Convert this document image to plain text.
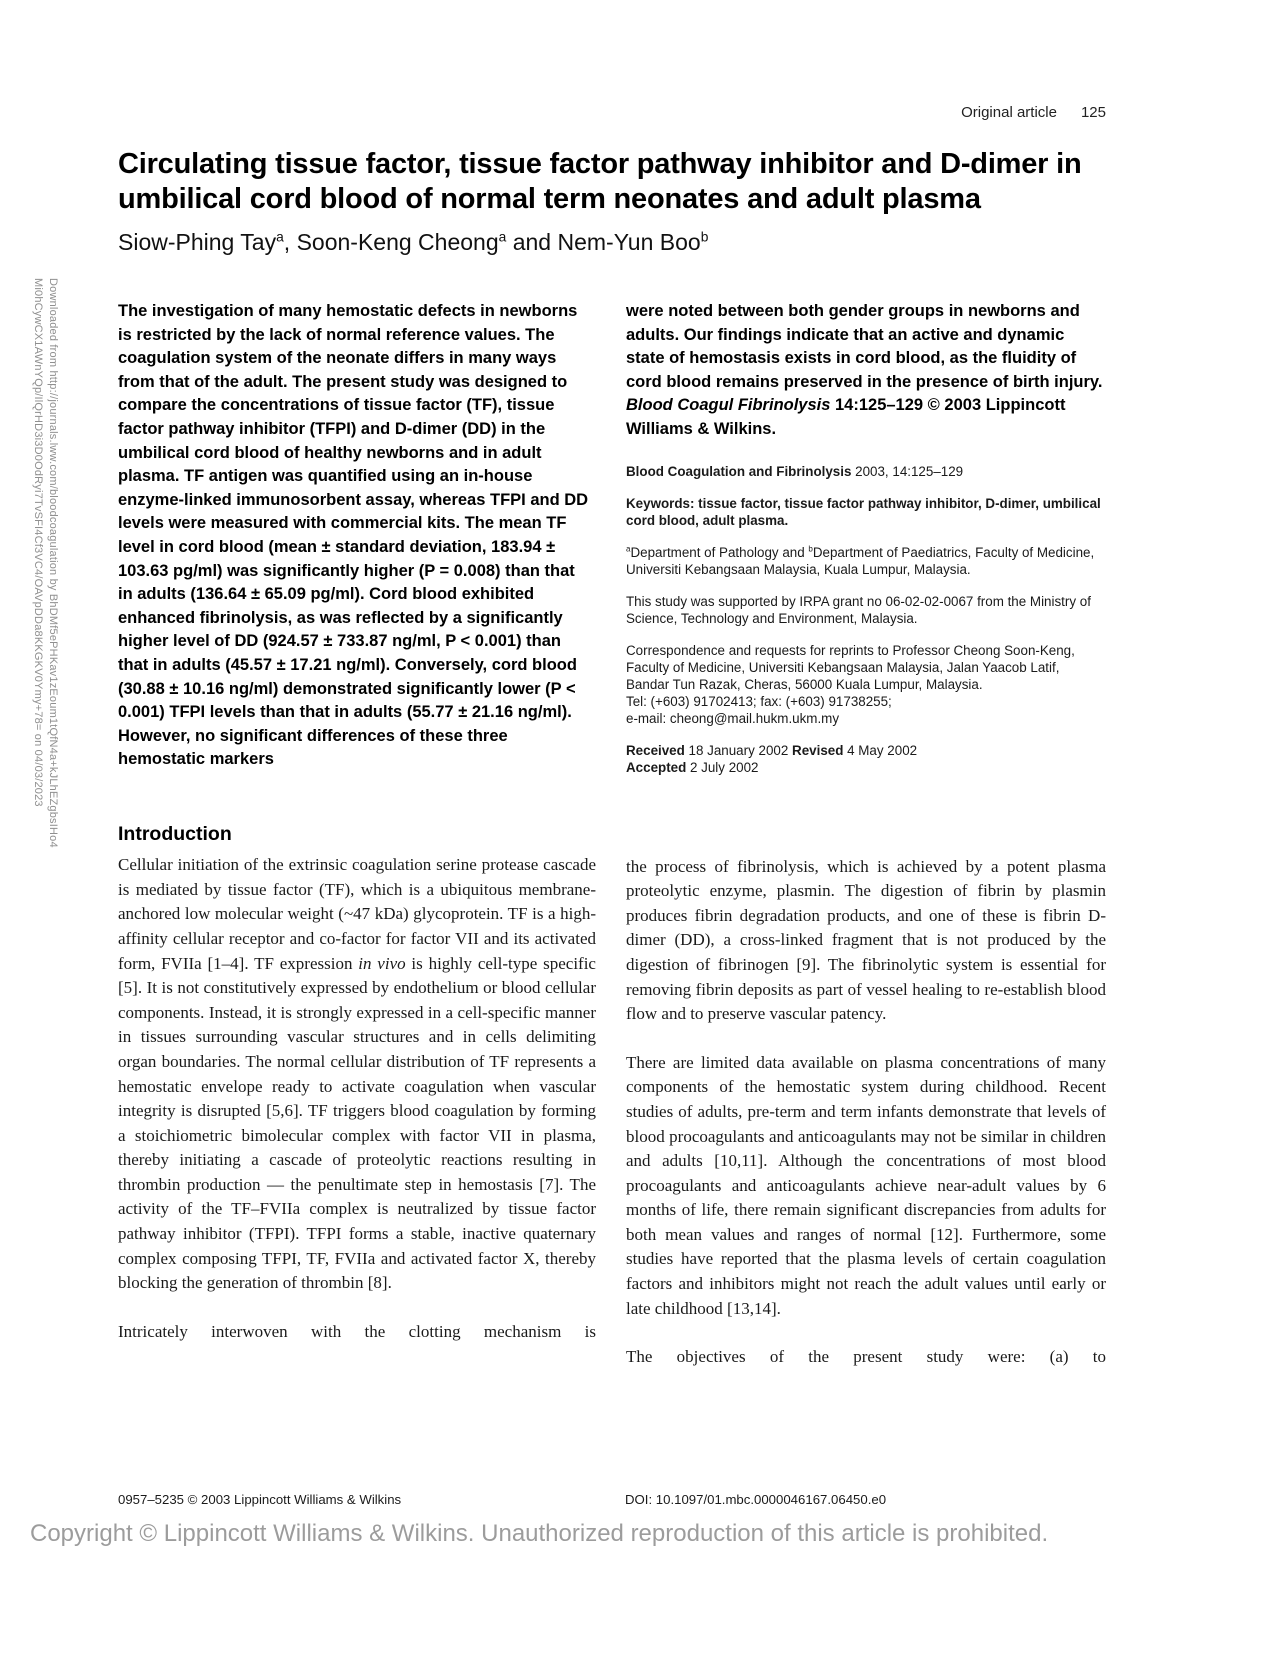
Downloaded from http://journals.lww.com/bloodcoagulation by BhDMf5ePHKav1zEoum1tQfN4a+kJLhEZgbsIHo4
Mi0hCywCX1AWnYQp/IlQrHD3i3D0OdRyi7TvSFI4Cf3VC4/OAVpDDa8KKGKV0Ymy+78= on 04/03/2023
Original article 125
Circulating tissue factor, tissue factor pathway inhibitor and D-dimer in umbilical cord blood of normal term neonates and adult plasma
Siow-Phing Tay$^a$, Soon-Keng Cheong$^a$ and Nem-Yun Boo$^b$
The investigation of many hemostatic defects in newborns is restricted by the lack of normal reference values. The coagulation system of the neonate differs in many ways from that of the adult. The present study was designed to compare the concentrations of tissue factor (TF), tissue factor pathway inhibitor (TFPI) and D-dimer (DD) in the umbilical cord blood of healthy newborns and in adult plasma. TF antigen was quantified using an in-house enzyme-linked immunosorbent assay, whereas TFPI and DD levels were measured with commercial kits. The mean TF level in cord blood (mean ± standard deviation, 183.94 ± 103.63 pg/ml) was significantly higher (P = 0.008) than that in adults (136.64 ± 65.09 pg/ml). Cord blood exhibited enhanced fibrinolysis, as was reflected by a significantly higher level of DD (924.57 ± 733.87 ng/ml, P < 0.001) than that in adults (45.57 ± 17.21 ng/ml). Conversely, cord blood (30.88 ± 10.16 ng/ml) demonstrated significantly lower (P < 0.001) TFPI levels than that in adults (55.77 ± 21.16 ng/ml). However, no significant differences of these three hemostatic markers
were noted between both gender groups in newborns and adults. Our findings indicate that an active and dynamic state of hemostasis exists in cord blood, as the fluidity of cord blood remains preserved in the presence of birth injury. Blood Coagul Fibrinolysis 14:125–129 © 2003 Lippincott Williams & Wilkins.
Blood Coagulation and Fibrinolysis 2003, 14:125–129
Keywords: tissue factor, tissue factor pathway inhibitor, D-dimer, umbilical cord blood, adult plasma.
$^a$Department of Pathology and $^b$Department of Paediatrics, Faculty of Medicine, Universiti Kebangsaan Malaysia, Kuala Lumpur, Malaysia.
This study was supported by IRPA grant no 06-02-02-0067 from the Ministry of Science, Technology and Environment, Malaysia.
Correspondence and requests for reprints to Professor Cheong Soon-Keng, Faculty of Medicine, Universiti Kebangsaan Malaysia, Jalan Yaacob Latif, Bandar Tun Razak, Cheras, 56000 Kuala Lumpur, Malaysia.
Tel: (+603) 91702413; fax: (+603) 91738255;
e-mail: cheong@mail.hukm.ukm.my
Received 18 January 2002 Revised 4 May 2002
Accepted 2 July 2002
Introduction

Cellular initiation of the extrinsic coagulation serine protease cascade is mediated by tissue factor (TF), which is a ubiquitous membrane-anchored low molecular weight (~47 kDa) glycoprotein. TF is a high-affinity cellular receptor and co-factor for factor VII and its activated form, FVIIa [1–4]. TF expression in vivo is highly cell-type specific [5]. It is not constitutively expressed by endothelium or blood cellular components. Instead, it is strongly expressed in a cell-specific manner in tissues surrounding vascular structures and in cells delimiting organ boundaries. The normal cellular distribution of TF represents a hemostatic envelope ready to activate coagulation when vascular integrity is disrupted [5,6]. TF triggers blood coagulation by forming a stoichiometric bimolecular complex with factor VII in plasma, thereby initiating a cascade of proteolytic reactions resulting in thrombin production — the penultimate step in hemostasis [7]. The activity of the TF–FVIIa complex is neutralized by tissue factor pathway inhibitor (TFPI). TFPI forms a stable, inactive quaternary complex composing TFPI, TF, FVIIa and activated factor X, thereby blocking the generation of thrombin [8].

Intricately interwoven with the clotting mechanism is

the process of fibrinolysis, which is achieved by a potent plasma proteolytic enzyme, plasmin. The digestion of fibrin by plasmin produces fibrin degradation products, and one of these is fibrin D-dimer (DD), a cross-linked fragment that is not produced by the digestion of fibrinogen [9]. The fibrinolytic system is essential for removing fibrin deposits as part of vessel healing to re-establish blood flow and to preserve vascular patency.

There are limited data available on plasma concentrations of many components of the hemostatic system during childhood. Recent studies of adults, pre-term and term infants demonstrate that levels of blood procoagulants and anticoagulants may not be similar in children and adults [10,11]. Although the concentrations of most blood procoagulants and anticoagulants achieve near-adult values by 6 months of life, there remain significant discrepancies from adults for both mean values and ranges of normal [12]. Furthermore, some studies have reported that the plasma levels of certain coagulation factors and inhibitors might not reach the adult values until early or late childhood [13,14].

The objectives of the present study were: (a) to

0957–5235 © 2003 Lippincott Williams & Wilkins	DOI: 10.1097/01.mbc.0000046167.06450.e0
Copyright © Lippincott Williams & Wilkins. Unauthorized reproduction of this article is prohibited.
